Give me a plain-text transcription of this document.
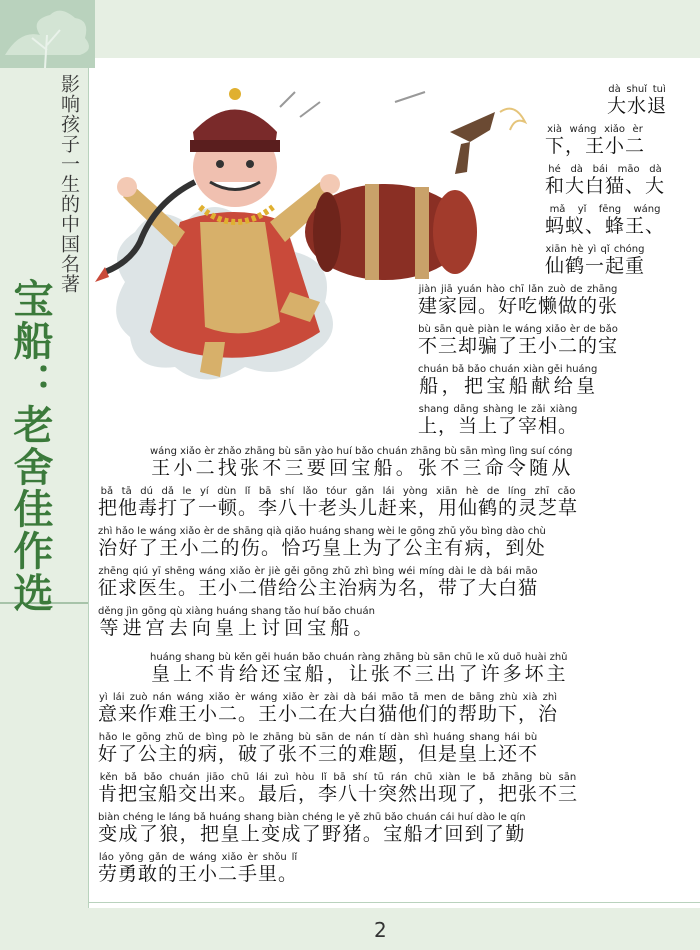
影响孩子一生的中国名著
宝船：老舍佳作选
大水退dà shuǐ tuì
下，王小二xià wáng xiǎo èr
和大白猫、大hé dà bái māo dà
蚂蚁、蜂王、mǎ yǐ fēng wáng
仙鹤一起重xiān hè yì qǐ chóng
建家园。好吃懒做的张jiàn jiā yuán hào chī lǎn zuò de zhāng
不三却骗了王小二的宝bù sān què piàn le wáng xiǎo èr de bǎo
船，把宝船献给皇chuán bǎ bǎo chuán xiàn gěi huáng
上，当上了宰相。shang dāng shàng le zǎi xiàng
王小二找张不三要回宝船。张不三命令随从wáng xiǎo èr zhǎo zhāng bù sān yào huí bǎo chuán zhāng bù sān mìng lìng suí cóng
把他毒打了一顿。李八十老头儿赶来，用仙鹤的灵芝草bǎ tā dú dǎ le yí dùn lǐ bā shí lǎo tóur gǎn lái yòng xiān hè de líng zhī cǎo
治好了王小二的伤。恰巧皇上为了公主有病，到处zhì hǎo le wáng xiǎo èr de shāng qià qiǎo huáng shang wèi le gōng zhǔ yǒu bìng dào chù
征求医生。王小二借给公主治病为名，带了大白猫zhēng qiú yī shēng wáng xiǎo èr jiè gěi gōng zhǔ zhì bìng wéi míng dài le dà bái māo
等进宫去向皇上讨回宝船。děng jìn gōng qù xiàng huáng shang tǎo huí bǎo chuán
皇上不肯给还宝船，让张不三出了许多坏主huáng shang bù kěn gěi huán bǎo chuán ràng zhāng bù sān chū le xǔ duō huài zhǔ
意来作难王小二。王小二在大白猫他们的帮助下，治yì lái zuò nán wáng xiǎo èr wáng xiǎo èr zài dà bái māo tā men de bāng zhù xià zhì
好了公主的病，破了张不三的难题，但是皇上还不hǎo le gōng zhǔ de bìng pò le zhāng bù sān de nán tí dàn shì huáng shang hái bù
肯把宝船交出来。最后，李八十突然出现了，把张不三kěn bǎ bǎo chuán jiāo chū lái zuì hòu lǐ bā shí tū rán chū xiàn le bǎ zhāng bù sān
变成了狼，把皇上变成了野猪。宝船才回到了勤biàn chéng le láng bǎ huáng shang biàn chéng le yě zhū bǎo chuán cái huí dào le qín
劳勇敢的王小二手里。láo yǒng gǎn de wáng xiǎo èr shǒu lǐ
2
